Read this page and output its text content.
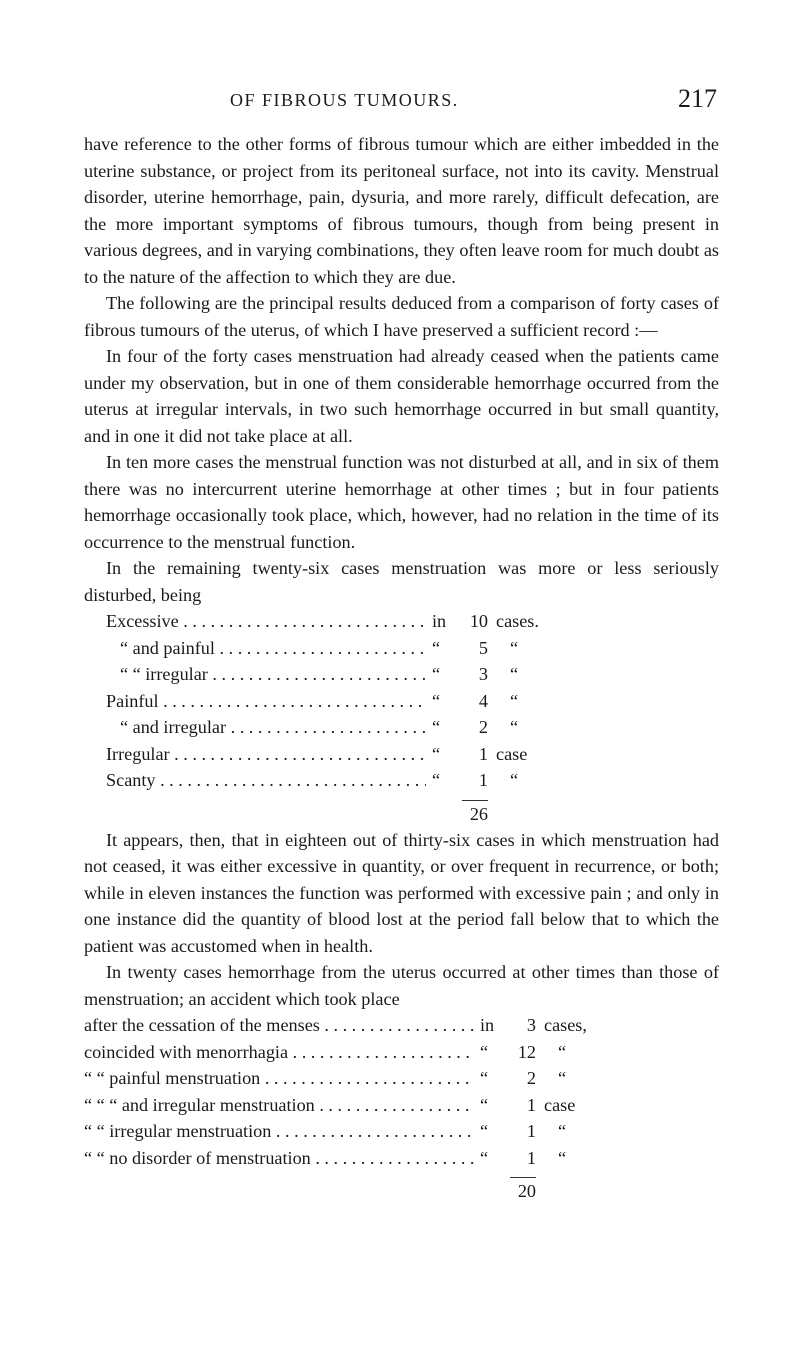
OF FIBROUS TUMOURS.	217

have reference to the other forms of fibrous tumour which are either imbedded in the uterine substance, or project from its peritoneal surface, not into its cavity. Menstrual disorder, uterine hemorrhage, pain, dysuria, and more rarely, difficult defecation, are the more important symptoms of fibrous tumours, though from being present in various degrees, and in varying combinations, they often leave room for much doubt as to the nature of the affection to which they are due.

The following are the principal results deduced from a comparison of forty cases of fibrous tumours of the uterus, of which I have preserved a sufficient record :—

In four of the forty cases menstruation had already ceased when the patients came under my observation, but in one of them considerable hemorrhage occurred from the uterus at irregular intervals, in two such hemorrhage occurred in but small quantity, and in one it did not take place at all.

In ten more cases the menstrual function was not disturbed at all, and in six of them there was no intercurrent uterine hemorrhage at other times ; but in four patients hemorrhage occasionally took place, which, however, had no relation in the time of its occurrence to the menstrual function.

In the remaining twenty-six cases menstruation was more or less seriously disturbed, being

Excessive . . .	in	10 cases.
“ and painful . . .	“	5 “
“ “ irregular . . .	“	3 “
Painful . . .	“	4 “
“ and irregular . . .	“	2 “
Irregular . . .	“	1 case
Scanty . . .	“	1 “
26

It appears, then, that in eighteen out of thirty-six cases in which menstruation had not ceased, it was either excessive in quantity, or over frequent in recurrence, or both; while in eleven instances the function was performed with excessive pain ; and only in one instance did the quantity of blood lost at the period fall below that to which the patient was accustomed when in health.

In twenty cases hemorrhage from the uterus occurred at other times than those of menstruation; an accident which took place

after the cessation of the menses . . .	in	3 cases,
coincided with menorrhagia . . .	“	12 “
“ “ painful menstruation . . .	“	2 “
“ “ “ and irregular menstruation . . .	“	1 case
“ “ irregular menstruation . . .	“	1 “
“ “ no disorder of menstruation . . .	“	1 “
20
